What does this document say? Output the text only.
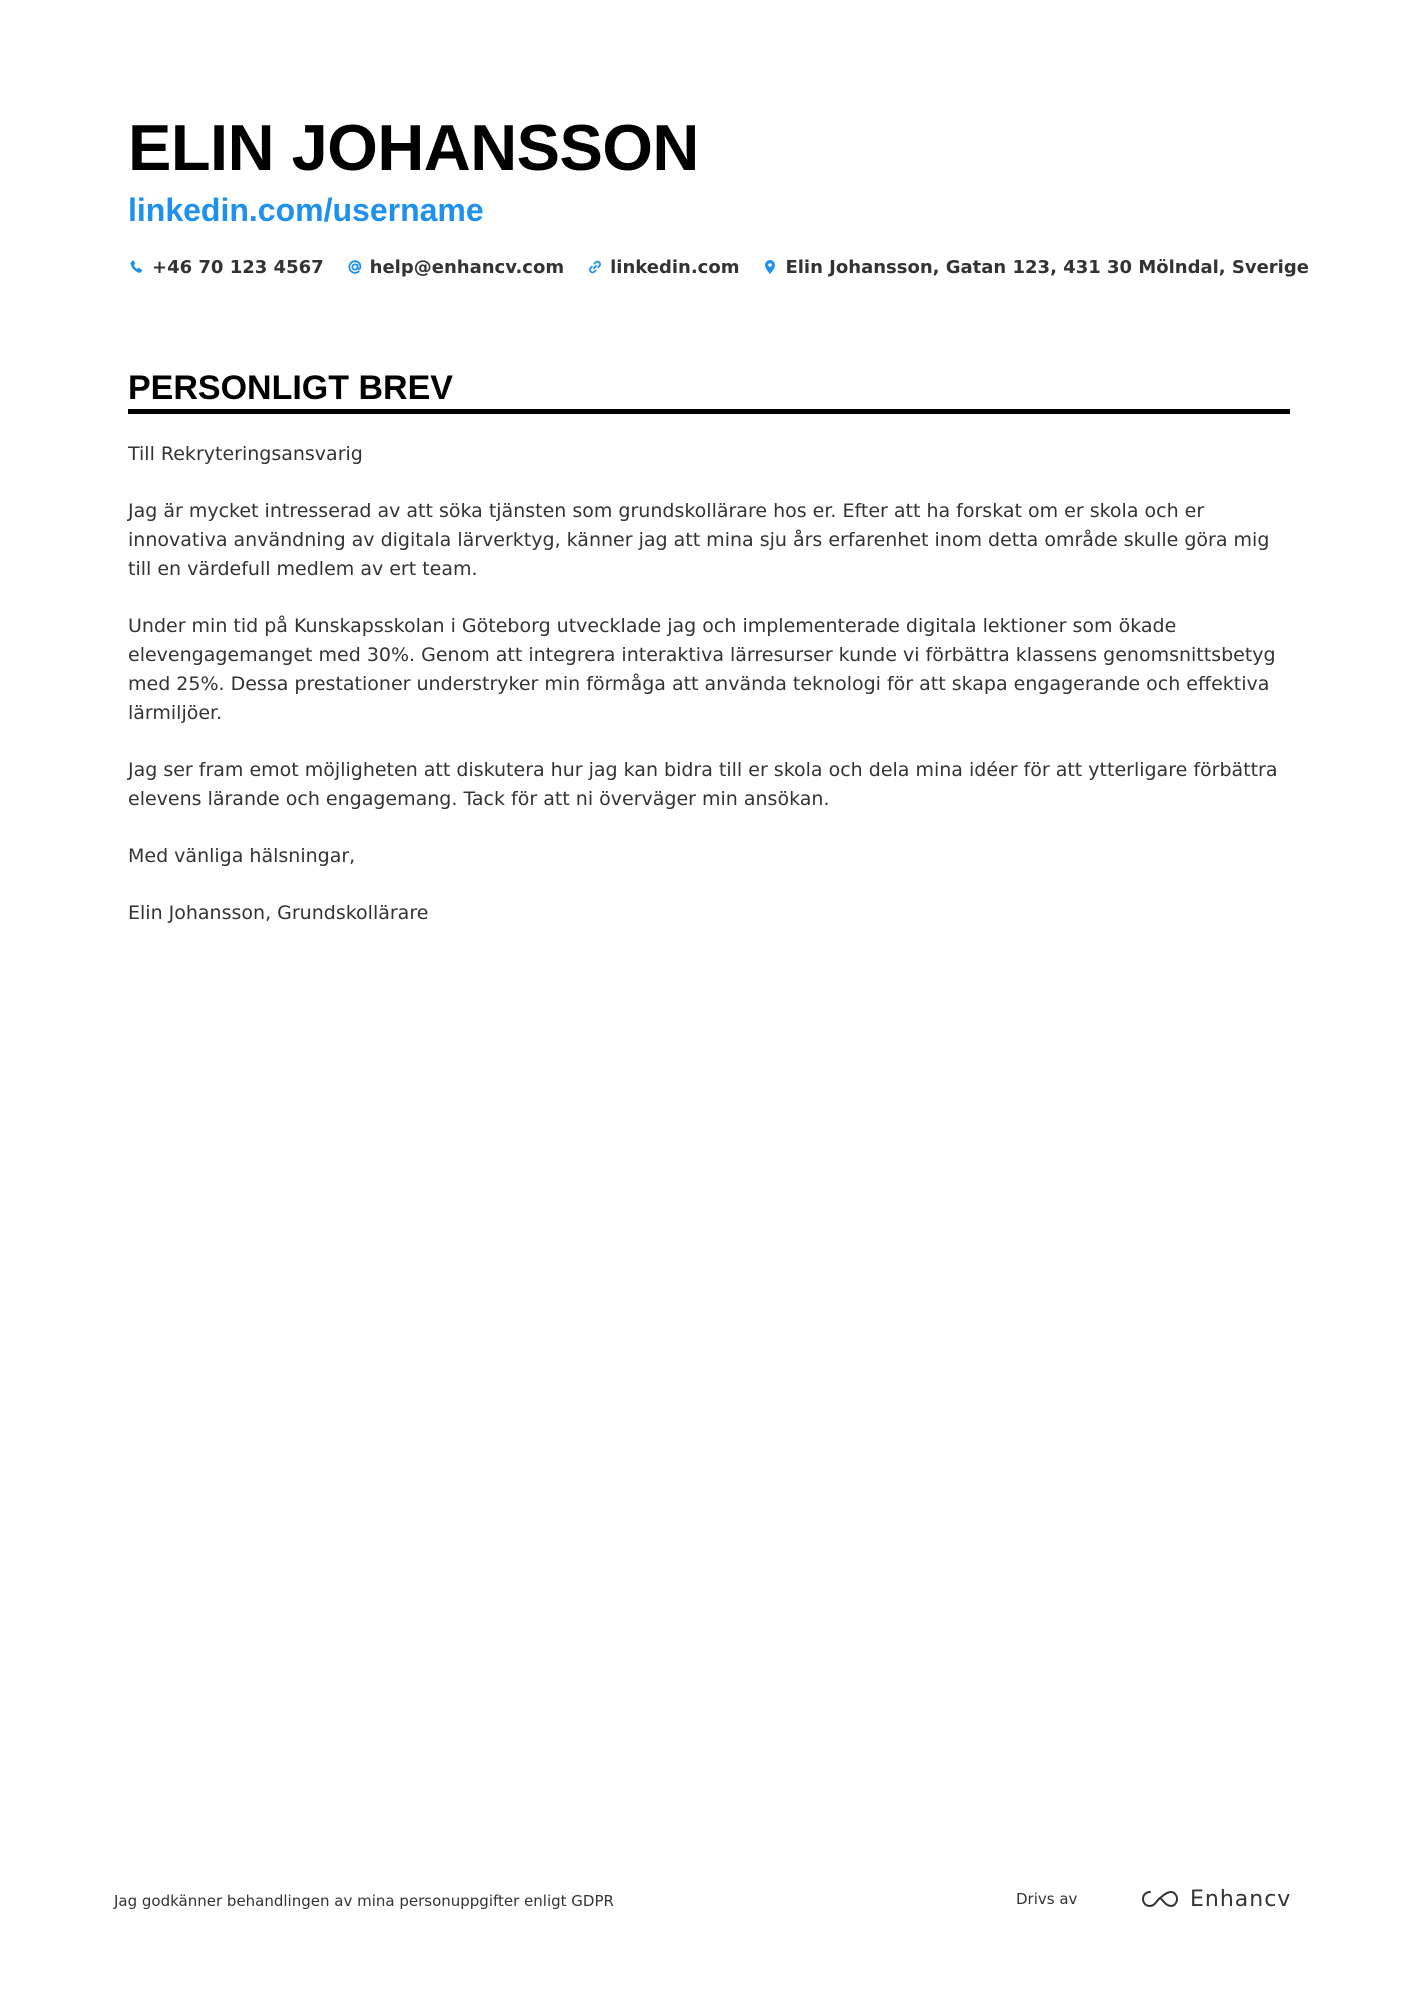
ELIN JOHANSSON
linkedin.com/username
+46 70 123 4567	help@enhancv.com	linkedin.com	Elin Johansson, Gatan 123, 431 30 Mölndal, Sverige
PERSONLIGT BREV

Till Rekryteringsansvarig

Jag är mycket intresserad av att söka tjänsten som grundskollärare hos er. Efter att ha forskat om er skola och er innovativa användning av digitala lärverktyg, känner jag att mina sju års erfarenhet inom detta område skulle göra mig till en värdefull medlem av ert team.

Under min tid på Kunskapsskolan i Göteborg utvecklade jag och implementerade digitala lektioner som ökade elevengagemanget med 30%. Genom att integrera interaktiva lärresurser kunde vi förbättra klassens genomsnittsbetyg med 25%. Dessa prestationer understryker min förmåga att använda teknologi för att skapa engagerande och effektiva lärmiljöer.

Jag ser fram emot möjligheten att diskutera hur jag kan bidra till er skola och dela mina idéer för att ytterligare förbättra elevens lärande och engagemang. Tack för att ni överväger min ansökan.

Med vänliga hälsningar,

Elin Johansson, Grundskollärare

Jag godkänner behandlingen av mina personuppgifter enligt GDPR	Drivs av	Enhancv
